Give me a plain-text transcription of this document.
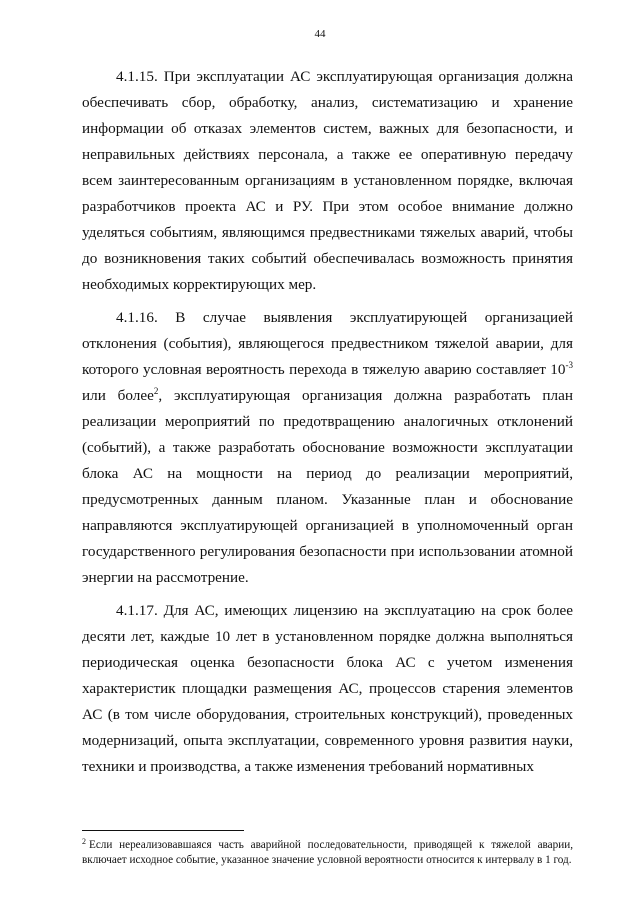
44

4.1.15. При эксплуатации АС эксплуатирующая организация должна обеспечивать сбор, обработку, анализ, систематизацию и хранение информации об отказах элементов систем, важных для безопасности, и неправильных действиях персонала, а также ее оперативную передачу всем заинтересованным организациям в установленном порядке, включая разработчиков проекта АС и РУ. При этом особое внимание должно уделяться событиям, являющимся предвестниками тяжелых аварий, чтобы до возникновения таких событий обеспечивалась возможность принятия необходимых корректирующих мер.

4.1.16. В случае выявления эксплуатирующей организацией отклонения (события), являющегося предвестником тяжелой аварии, для которого условная вероятность перехода в тяжелую аварию составляет $10^{-3}$ или более$^2$, эксплуатирующая организация должна разработать план реализации мероприятий по предотвращению аналогичных отклонений (событий), а также разработать обоснование возможности эксплуатации блока АС на мощности на период до реализации мероприятий, предусмотренных данным планом. Указанные план и обоснование направляются эксплуатирующей организацией в уполномоченный орган государственного регулирования безопасности при использовании атомной энергии на рассмотрение.

4.1.17. Для АС, имеющих лицензию на эксплуатацию на срок более десяти лет, каждые 10 лет в установленном порядке должна выполняться периодическая оценка безопасности блока АС с учетом изменения характеристик площадки размещения АС, процессов старения элементов АС (в том числе оборудования, строительных конструкций), проведенных модернизаций, опыта эксплуатации, современного уровня развития науки, техники и производства, а также изменения требований нормативных

$^2$ Если нереализовавшаяся часть аварийной последовательности, приводящей к тяжелой аварии, включает исходное событие, указанное значение условной вероятности относится к интервалу в 1 год.
